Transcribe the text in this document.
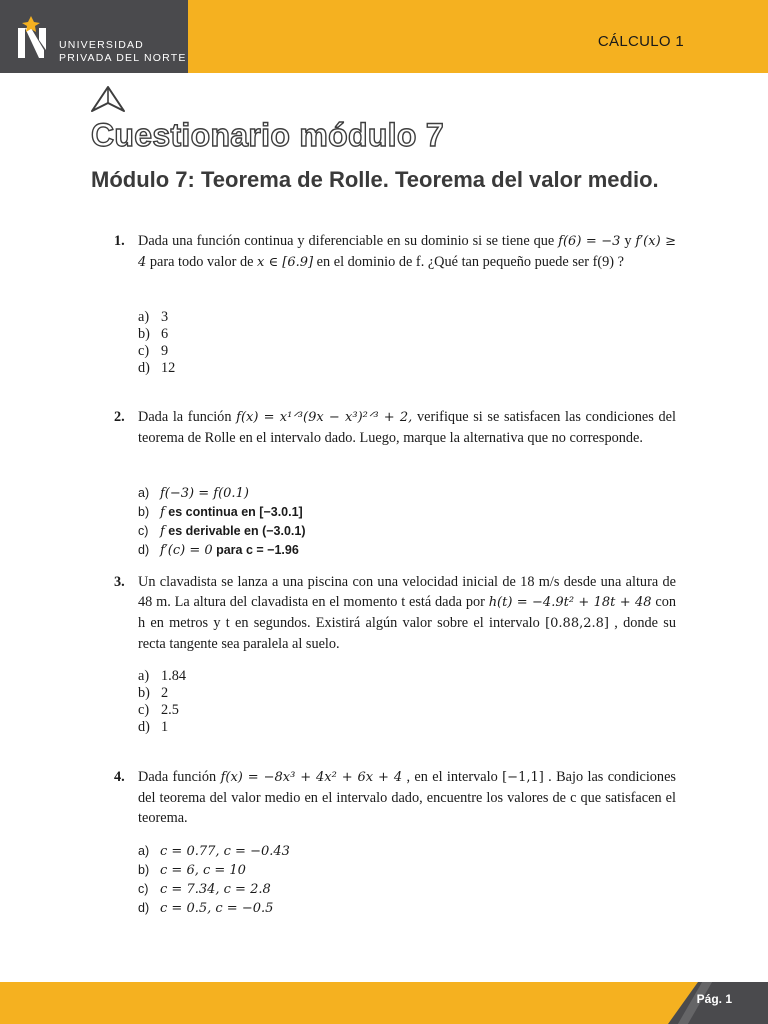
UNIVERSIDAD
PRIVADA DEL NORTE
CÁLCULO 1
Cuestionario módulo 7
Módulo 7: Teorema de Rolle. Teorema del valor medio.
1. Dada una función continua y diferenciable en su dominio si se tiene que f(6) = −3 y f′(x) ≥ 4 para todo valor de x ∈ [6.9] en el dominio de f. ¿Qué tan pequeño puede ser f(9) ?
a) 3
b) 6
c) 9
d) 12
2. Dada la función f(x) = x¹ᐟ³(9x − x³)²ᐟ³ + 2, verifique si se satisfacen las condiciones del teorema de Rolle en el intervalo dado. Luego, marque la alternativa que no corresponde.
a) f(−3) = f(0.1)
b) f es continua en [−3.0.1]
c) f es derivable en (−3.0.1)
d) f′(c) = 0 para c = −1.96
3. Un clavadista se lanza a una piscina con una velocidad inicial de 18 m/s desde una altura de 48 m. La altura del clavadista en el momento t está dada por h(t) = −4.9t² + 18t + 48 con h en metros y t en segundos. Existirá algún valor sobre el intervalo [0.88,2.8] , donde su recta tangente sea paralela al suelo.
a) 1.84
b) 2
c) 2.5
d) 1
4. Dada función f(x) = −8x³ + 4x² + 6x + 4 , en el intervalo [−1,1] . Bajo las condiciones del teorema del valor medio en el intervalo dado, encuentre los valores de c que satisfacen el teorema.
a) c = 0.77, c = −0.43
b) c = 6, c = 10
c) c = 7.34, c = 2.8
d) c = 0.5, c = −0.5
Pág. 1
